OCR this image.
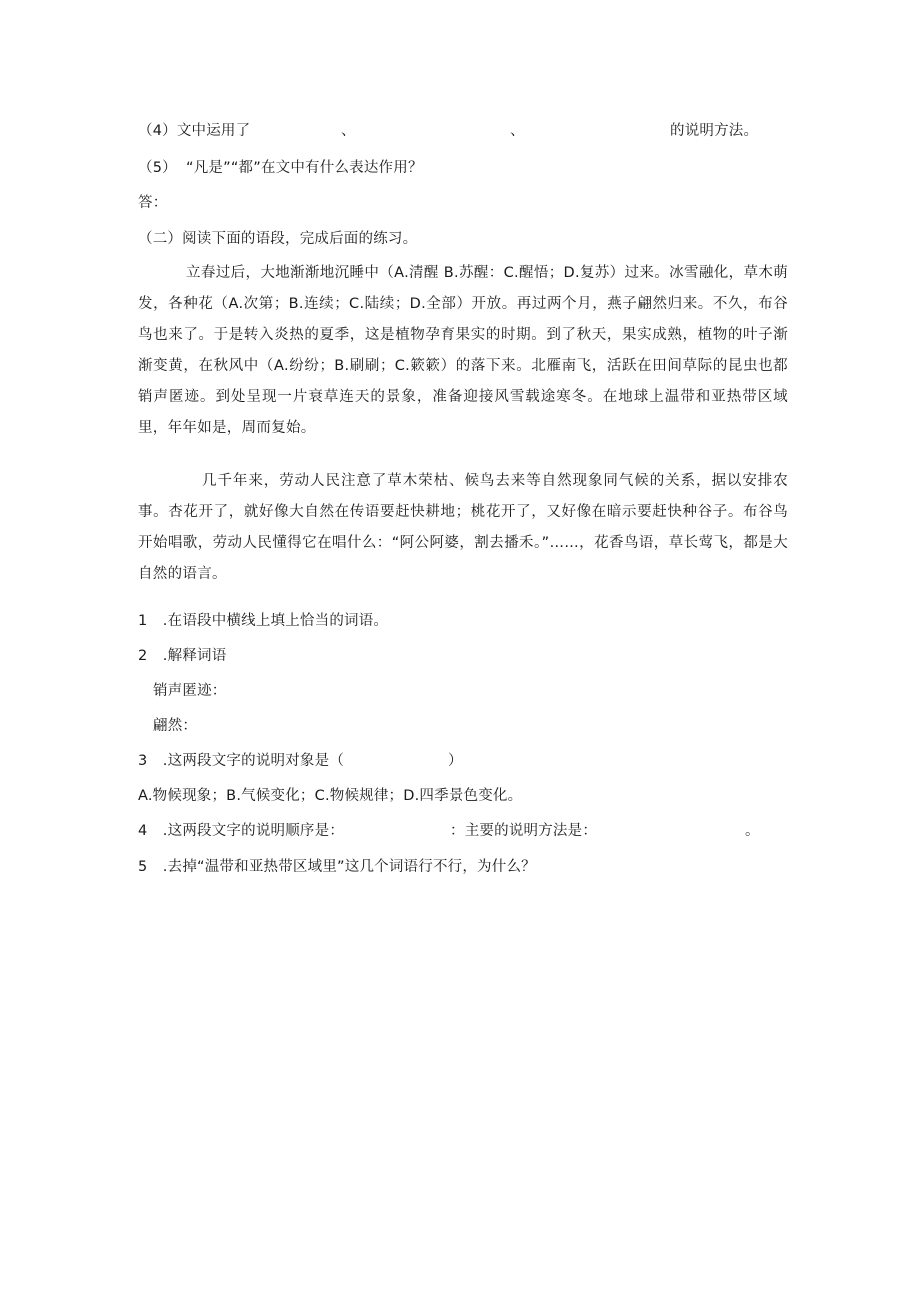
（4）文中运用了	、	、	的说明方法。
（5） “凡是”“都”在文中有什么表达作用？
答：
（二）阅读下面的语段，完成后面的练习。
立春过后，大地渐渐地沉睡中（A.清醒 B.苏醒：C.醒悟；D.复苏）过来。冰雪融化，草木萌发，各种花（A.次第；B.连续；C.陆续；D.全部）开放。再过两个月，燕子翩然归来。不久，布谷鸟也来了。于是转入炎热的夏季，这是植物孕育果实的时期。到了秋天，果实成熟，植物的叶子渐渐变黄，在秋风中（A.纷纷；B.刷刷；C.簌簌）的落下来。北雁南飞，活跃在田间草际的昆虫也都销声匿迹。到处呈现一片衰草连天的景象，准备迎接风雪载途寒冬。在地球上温带和亚热带区域里，年年如是，周而复始。
几千年来，劳动人民注意了草木荣枯、候鸟去来等自然现象同气候的关系，据以安排农事。杏花开了，就好像大自然在传语要赶快耕地；桃花开了，又好像在暗示要赶快种谷子。布谷鸟开始唱歌，劳动人民懂得它在唱什么：“阿公阿婆，割去播禾。”……，花香鸟语，草长莺飞，都是大自然的语言。
1 .在语段中横线上填上恰当的词语。
2 .解释词语
销声匿迹：
翩然：
3 .这两段文字的说明对象是（	）
A.物候现象；B.气候变化；C.物候规律；D.四季景色变化。
4 .这两段文字的说明顺序是：	：主要的说明方法是：	。
5 .去掉“温带和亚热带区域里”这几个词语行不行，为什么？
